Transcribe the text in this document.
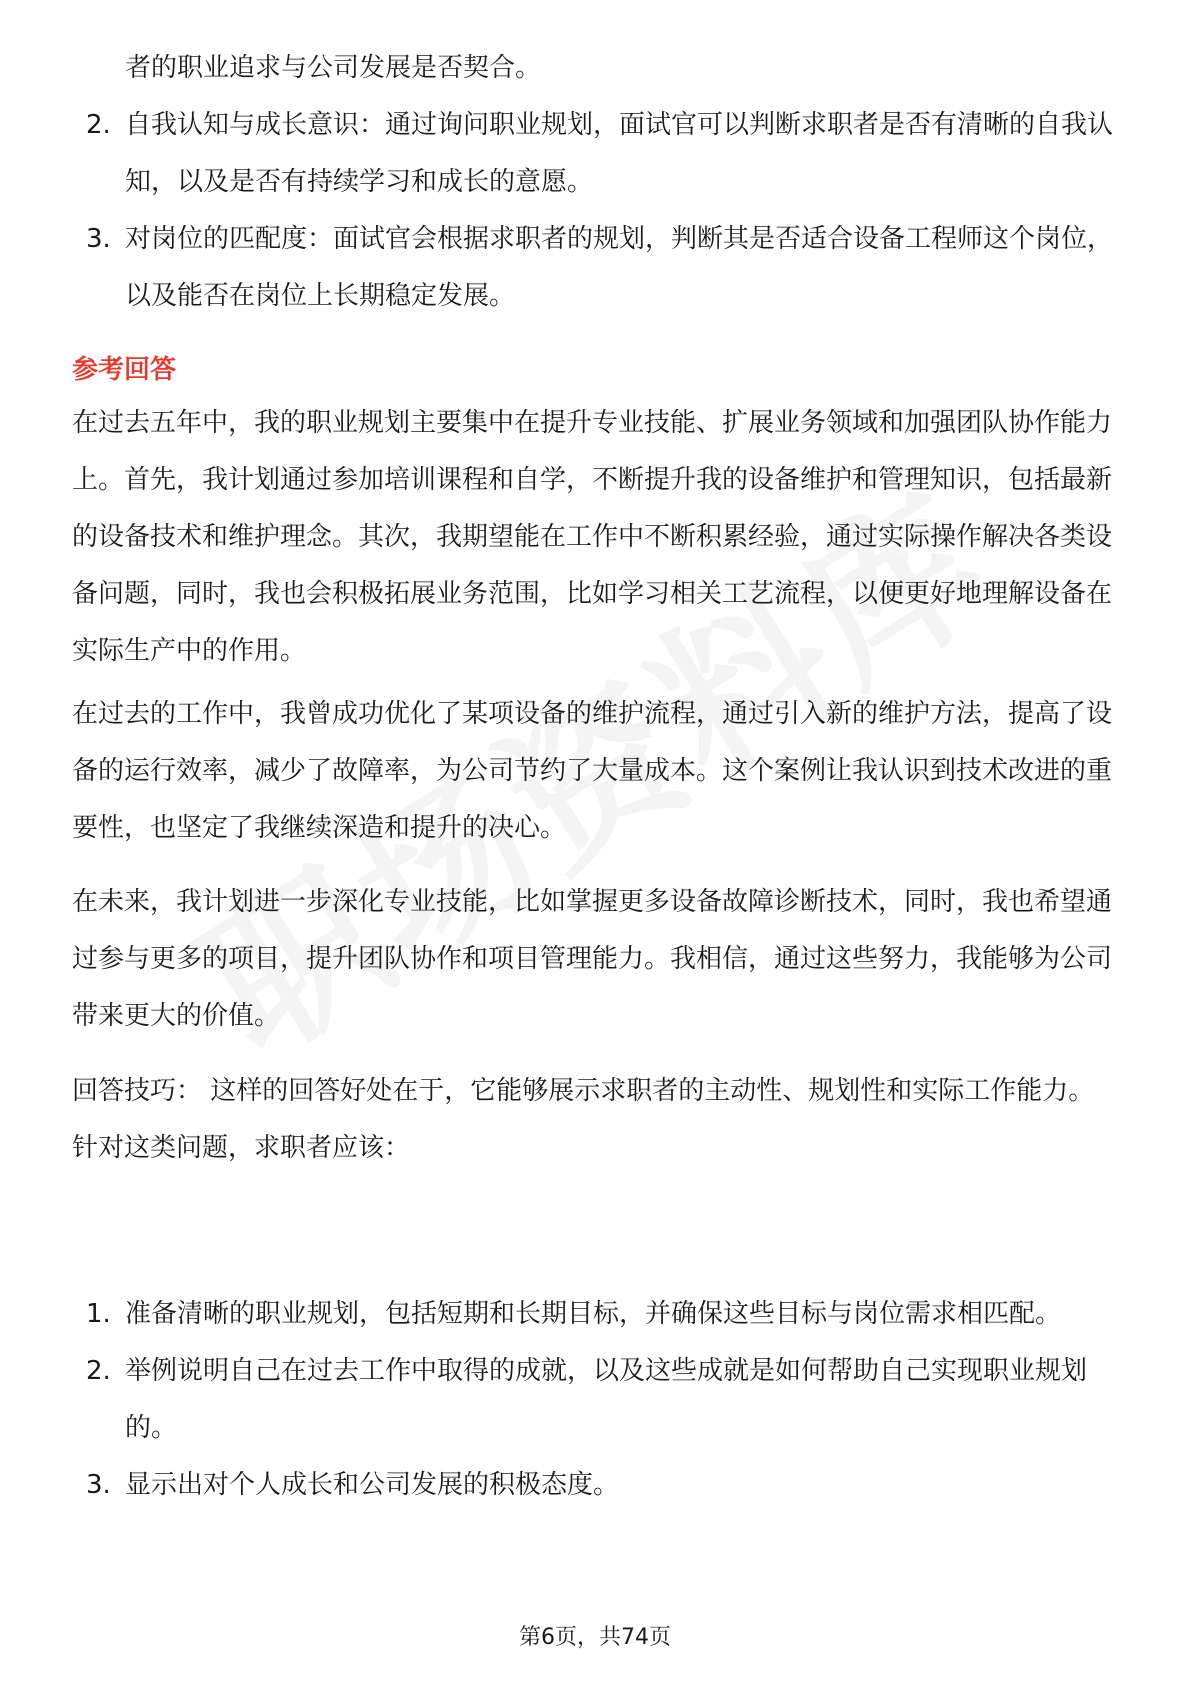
者的职业追求与公司发展是否契合。
2. 自我认知与成长意识：通过询问职业规划，面试官可以判断求职者是否有清晰的自我认知，以及是否有持续学习和成长的意愿。
3. 对岗位的匹配度：面试官会根据求职者的规划，判断其是否适合设备工程师这个岗位，以及能否在岗位上长期稳定发展。
参考回答

在过去五年中，我的职业规划主要集中在提升专业技能、扩展业务领域和加强团队协作能力上。首先，我计划通过参加培训课程和自学，不断提升我的设备维护和管理知识，包括最新的设备技术和维护理念。其次，我期望能在工作中不断积累经验，通过实际操作解决各类设备问题，同时，我也会积极拓展业务范围，比如学习相关工艺流程，以便更好地理解设备在实际生产中的作用。

在过去的工作中，我曾成功优化了某项设备的维护流程，通过引入新的维护方法，提高了设备的运行效率，减少了故障率，为公司节约了大量成本。这个案例让我认识到技术改进的重要性，也坚定了我继续深造和提升的决心。

在未来，我计划进一步深化专业技能，比如掌握更多设备故障诊断技术，同时，我也希望通过参与更多的项目，提升团队协作和项目管理能力。我相信，通过这些努力，我能够为公司带来更大的价值。

回答技巧： 这样的回答好处在于，它能够展示求职者的主动性、规划性和实际工作能力。针对这类问题，求职者应该：

1. 准备清晰的职业规划，包括短期和长期目标，并确保这些目标与岗位需求相匹配。
2. 举例说明自己在过去工作中取得的成就，以及这些成就是如何帮助自己实现职业规划的。
3. 显示出对个人成长和公司发展的积极态度。
第6页，共74页
